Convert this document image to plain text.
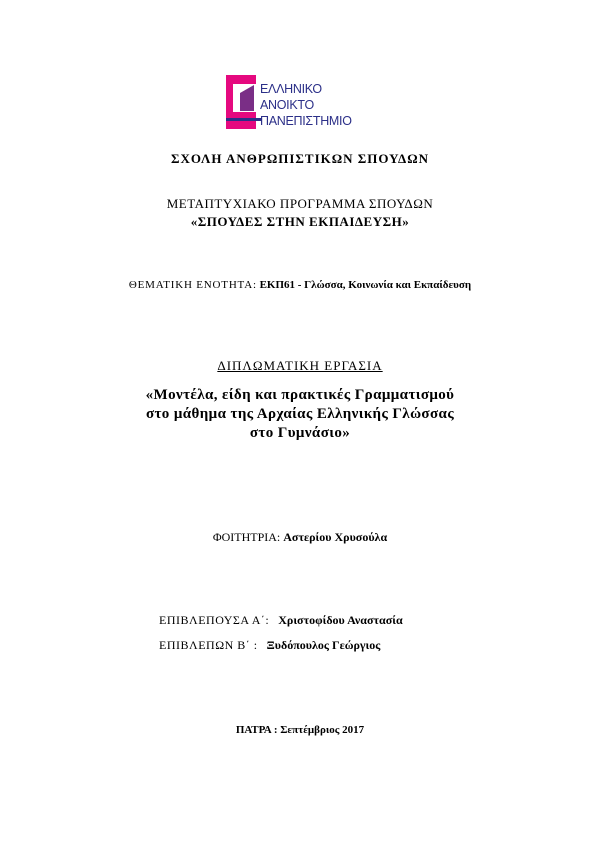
ΕΛΛΗΝΙΚΟ
ΑΝΟΙΚΤΟ
ΠΑΝΕΠΙΣΤΗΜΙΟ
ΣΧΟΛΗ ΑΝΘΡΩΠΙΣΤΙΚΩΝ ΣΠΟΥΔΩΝ
ΜΕΤΑΠΤΥΧΙΑΚΟ ΠΡΟΓΡΑΜΜΑ ΣΠΟΥΔΩΝ
«ΣΠΟΥΔΕΣ ΣΤΗΝ ΕΚΠΑΙΔΕΥΣΗ»
ΘΕΜΑΤΙΚΗ ΕΝΟΤΗΤΑ: ΕΚΠ61 - Γλώσσα, Κοινωνία και Εκπαίδευση
ΔΙΠΛΩΜΑΤΙΚΗ ΕΡΓΑΣΙΑ
«Μοντέλα, είδη και πρακτικές Γραμματισμού
στο μάθημα της Αρχαίας Ελληνικής Γλώσσας
στο Γυμνάσιο»
ΦΟΙΤΗΤΡΙΑ: Αστερίου Χρυσούλα
ΕΠΙΒΛΕΠΟΥΣΑ Α΄: Χριστοφίδου Αναστασία
ΕΠΙΒΛΕΠΩΝ Β΄ : Ξυδόπουλος Γεώργιος
ΠΑΤΡΑ : Σεπτέμβριος 2017
